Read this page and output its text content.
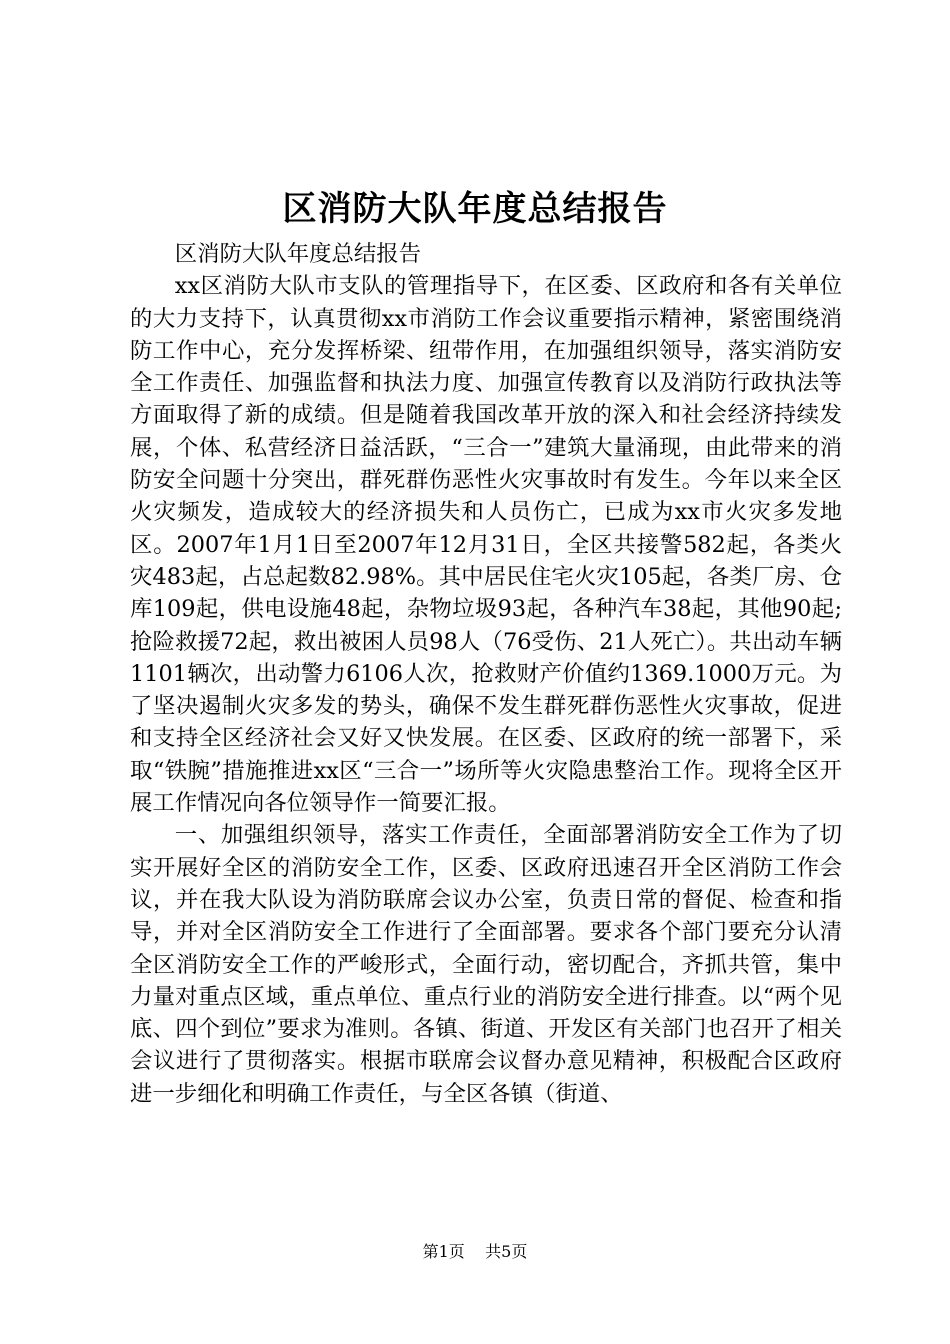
区消防大队年度总结报告

区消防大队年度总结报告

xx区消防大队市支队的管理指导下，在区委、区政府和各有关单位的大力支持下，认真贯彻xx市消防工作会议重要指示精神，紧密围绕消防工作中心，充分发挥桥梁、纽带作用，在加强组织领导，落实消防安全工作责任、加强监督和执法力度、加强宣传教育以及消防行政执法等方面取得了新的成绩。但是随着我国改革开放的深入和社会经济持续发展，个体、私营经济日益活跃，“三合一”建筑大量涌现，由此带来的消防安全问题十分突出，群死群伤恶性火灾事故时有发生。今年以来全区火灾频发，造成较大的经济损失和人员伤亡，已成为xx市火灾多发地区。2007年1月1日至2007年12月31日，全区共接警582起，各类火灾483起，占总起数82.98%。其中居民住宅火灾105起，各类厂房、仓库109起，供电设施48起，杂物垃圾93起，各种汽车38起，其他90起;抢险救援72起，救出被困人员98人（76受伤、21人死亡）。共出动车辆1101辆次，出动警力6106人次，抢救财产价值约1369.1000万元。为了坚决遏制火灾多发的势头，确保不发生群死群伤恶性火灾事故，促进和支持全区经济社会又好又快发展。在区委、区政府的统一部署下，采取“铁腕”措施推进xx区“三合一”场所等火灾隐患整治工作。现将全区开展工作情况向各位领导作一简要汇报。

一、加强组织领导，落实工作责任，全面部署消防安全工作为了切实开展好全区的消防安全工作，区委、区政府迅速召开全区消防工作会议，并在我大队设为消防联席会议办公室，负责日常的督促、检查和指导，并对全区消防安全工作进行了全面部署。要求各个部门要充分认清全区消防安全工作的严峻形式，全面行动，密切配合，齐抓共管，集中力量对重点区域，重点单位、重点行业的消防安全进行排查。以“两个见底、四个到位”要求为准则。各镇、街道、开发区有关部门也召开了相关会议进行了贯彻落实。根据市联席会议督办意见精神，积极配合区政府进一步细化和明确工作责任，与全区各镇（街道、

第1页 共5页
